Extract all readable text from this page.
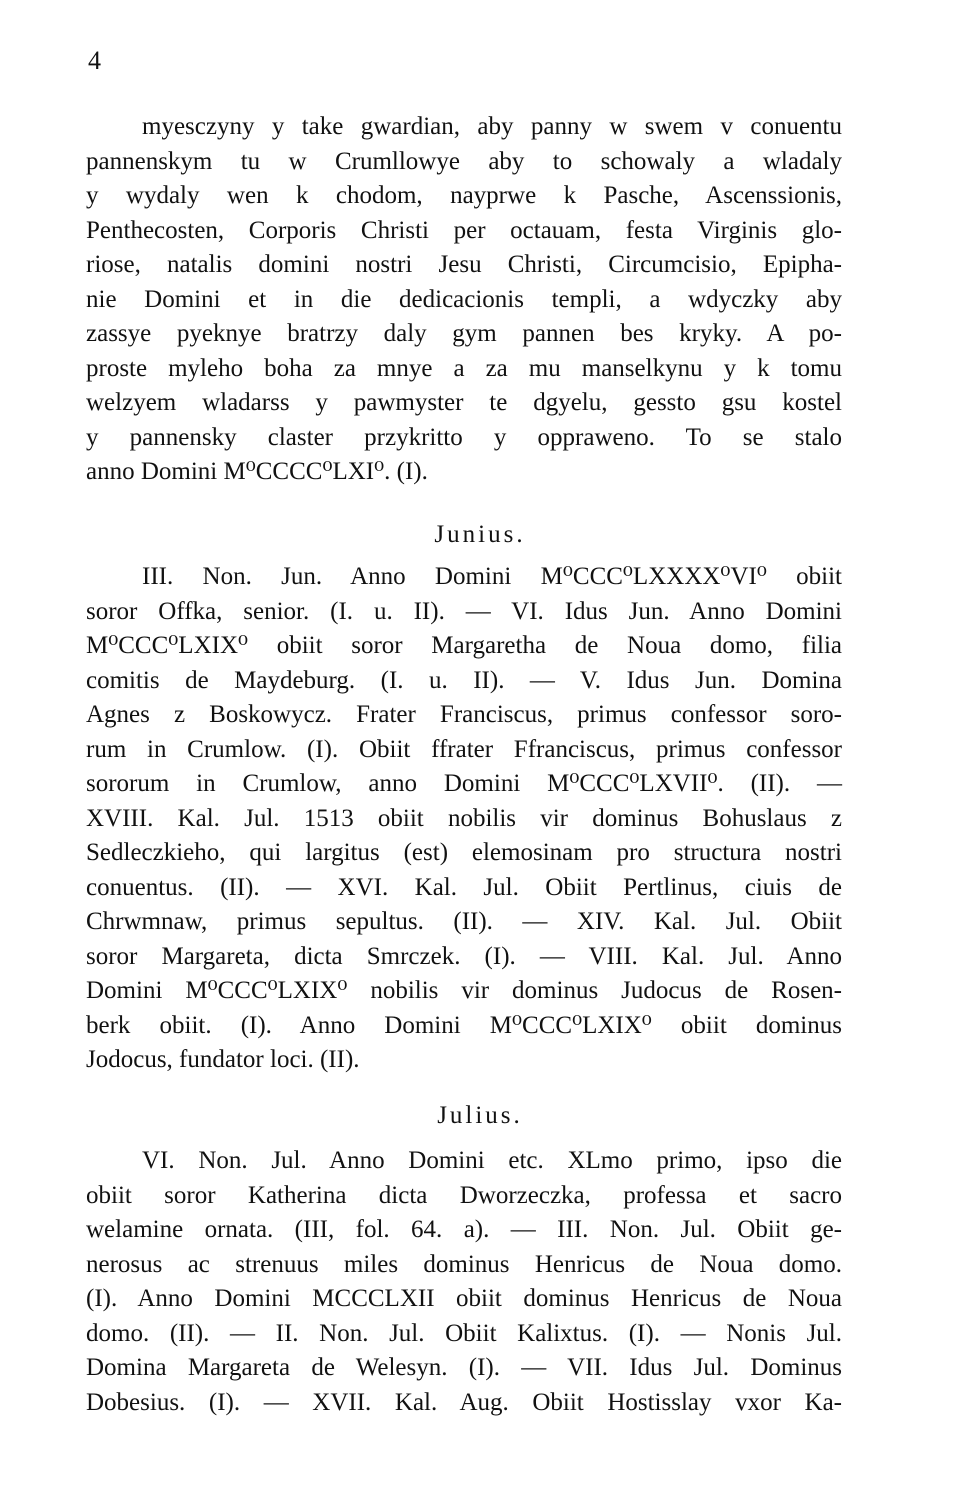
4
myesczyny y take gwardian, aby panny w swem v conuentu
pannenskym tu w Crumllowye aby to schowaly a wladaly
y wydaly wen k chodom, nayprwe k Pasche, Ascenssionis,
Penthecosten, Corporis Christi per octauam, festa Virginis glo-
riose, natalis domini nostri Jesu Christi, Circumcisio, Epipha-
nie Domini et in die dedicacionis templi, a wdyczky aby
zassye pyeknye bratrzy daly gym pannen bes kryky. A po-
proste myleho boha za mnye a za mu manselkynu y k tomu
welzyem wladarss y pawmyster te dgyelu, gessto gsu kostel
y pannensky claster przykritto y oppraweno. To se stalo
anno Domini M⁰CCCC⁰LXI⁰. (I).
Junius.
III. Non. Jun. Anno Domini M⁰CCC⁰LXXXX⁰VI⁰ obiit
soror Offka, senior. (I. u. II). — VI. Idus Jun. Anno Domini
M⁰CCC⁰LXIX⁰ obiit soror Margaretha de Noua domo, filia
comitis de Maydeburg. (I. u. II). — V. Idus Jun. Domina
Agnes z Boskowycz. Frater Franciscus, primus confessor soro-
rum in Crumlow. (I). Obiit ffrater Ffranciscus, primus confessor
sororum in Crumlow, anno Domini M⁰CCC⁰LXVII⁰. (II). —
XVIII. Kal. Jul. 1513 obiit nobilis vir dominus Bohuslaus z
Sedleczkieho, qui largitus (est) elemosinam pro structura nostri
conuentus. (II). — XVI. Kal. Jul. Obiit Pertlinus, ciuis de
Chrwmnaw, primus sepultus. (II). — XIV. Kal. Jul. Obiit
soror Margareta, dicta Smrczek. (I). — VIII. Kal. Jul. Anno
Domini M⁰CCC⁰LXIX⁰ nobilis vir dominus Judocus de Rosen-
berk obiit. (I). Anno Domini M⁰CCC⁰LXIX⁰ obiit dominus
Jodocus, fundator loci. (II).
Julius.
VI. Non. Jul. Anno Domini etc. XLmo primo, ipso die
obiit soror Katherina dicta Dworzeczka, professa et sacro
welamine ornata. (III, fol. 64. a). — III. Non. Jul. Obiit ge-
nerosus ac strenuus miles dominus Henricus de Noua domo.
(I). Anno Domini MCCCLXII obiit dominus Henricus de Noua
domo. (II). — II. Non. Jul. Obiit Kalixtus. (I). — Nonis Jul.
Domina Margareta de Welesyn. (I). — VII. Idus Jul. Dominus
Dobesius. (I). — XVII. Kal. Aug. Obiit Hostisslay vxor Ka-
